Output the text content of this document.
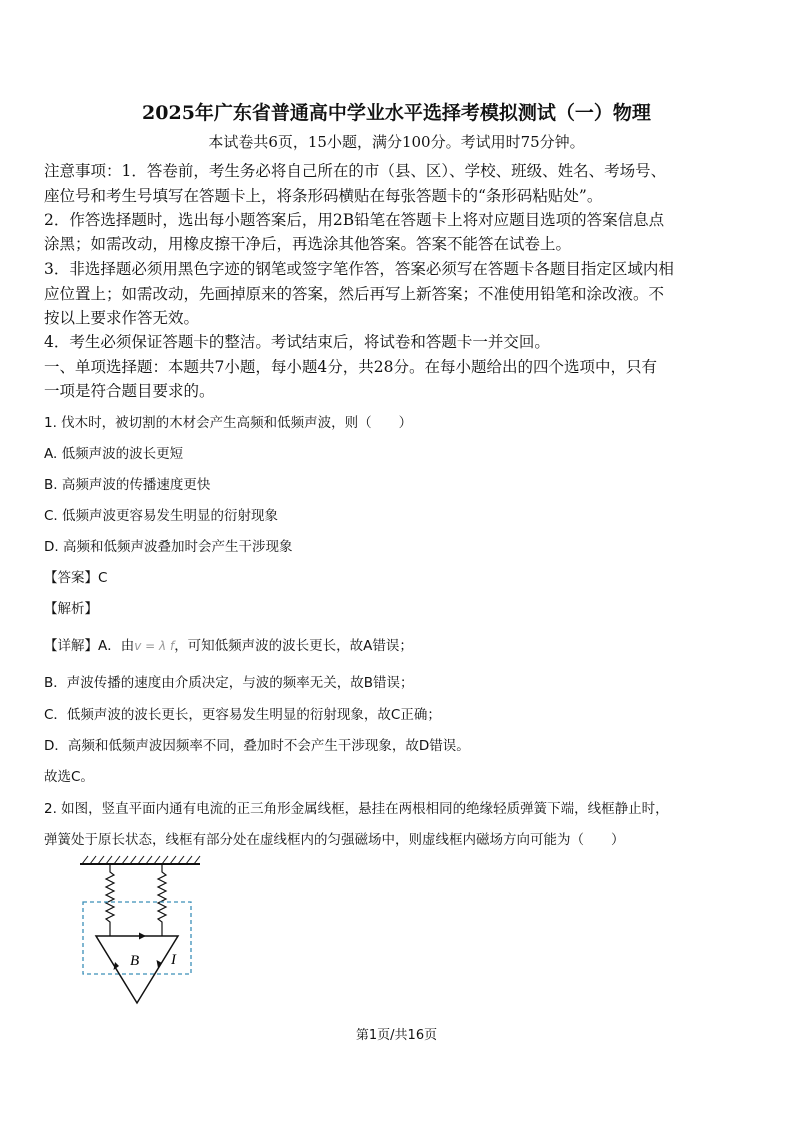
2025年广东省普通高中学业水平选择考模拟测试（一）物理
本试卷共6页，15小题，满分100分。考试用时75分钟。
注意事项：1．答卷前，考生务必将自己所在的市（县、区）、学校、班级、姓名、考场号、
座位号和考生号填写在答题卡上，将条形码横贴在每张答题卡的“条形码粘贴处”。
2．作答选择题时，选出每小题答案后，用2B铅笔在答题卡上将对应题目选项的答案信息点
涂黑；如需改动，用橡皮擦干净后，再选涂其他答案。答案不能答在试卷上。
3．非选择题必须用黑色字迹的钢笔或签字笔作答，答案必须写在答题卡各题目指定区域内相
应位置上；如需改动，先画掉原来的答案，然后再写上新答案；不准使用铅笔和涂改液。不
按以上要求作答无效。
4．考生必须保证答题卡的整洁。考试结束后，将试卷和答题卡一并交回。
一、单项选择题：本题共7小题，每小题4分，共28分。在每小题给出的四个选项中，只有
一项是符合题目要求的。
1. 伐木时，被切割的木材会产生高频和低频声波，则（　　）
A. 低频声波的波长更短
B. 高频声波的传播速度更快
C. 低频声波更容易发生明显的衍射现象
D. 高频和低频声波叠加时会产生干涉现象
【答案】C
【解析】
【详解】A．由v = λ f，可知低频声波的波长更长，故A错误；
B．声波传播的速度由介质决定，与波的频率无关，故B错误；
C．低频声波的波长更长，更容易发生明显的衍射现象，故C正确；
D．高频和低频声波因频率不同，叠加时不会产生干涉现象，故D错误。
故选C。
2. 如图，竖直平面内通有电流的正三角形金属线框，悬挂在两根相同的绝缘轻质弹簧下端，线框静止时，
弹簧处于原长状态，线框有部分处在虚线框内的匀强磁场中，则虚线框内磁场方向可能为（　　）
B I
第1页/共16页
